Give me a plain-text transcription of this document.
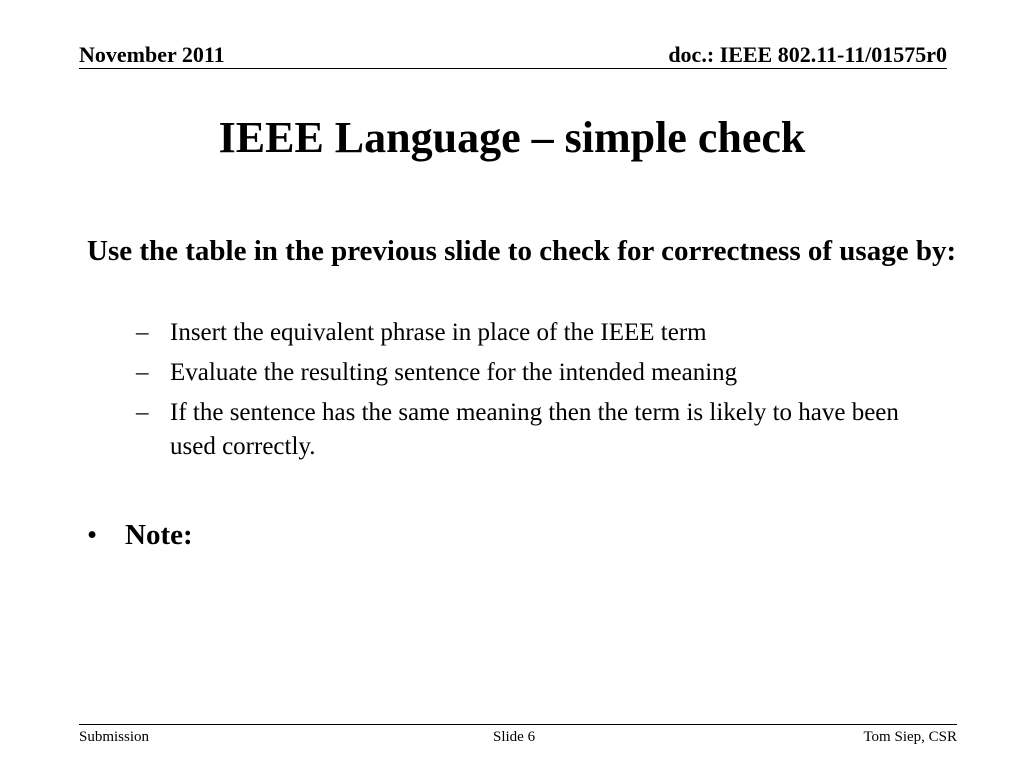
November 2011	doc.: IEEE 802.11-11/01575r0
IEEE Language – simple check
Use the table in the previous slide to check for correctness of usage by:
– Insert the equivalent phrase in place of the IEEE term
– Evaluate the resulting sentence for the intended meaning
– If the sentence has the same meaning then the term is likely to have been used correctly.
• Note:
Submission	Slide 6	Tom Siep, CSR
